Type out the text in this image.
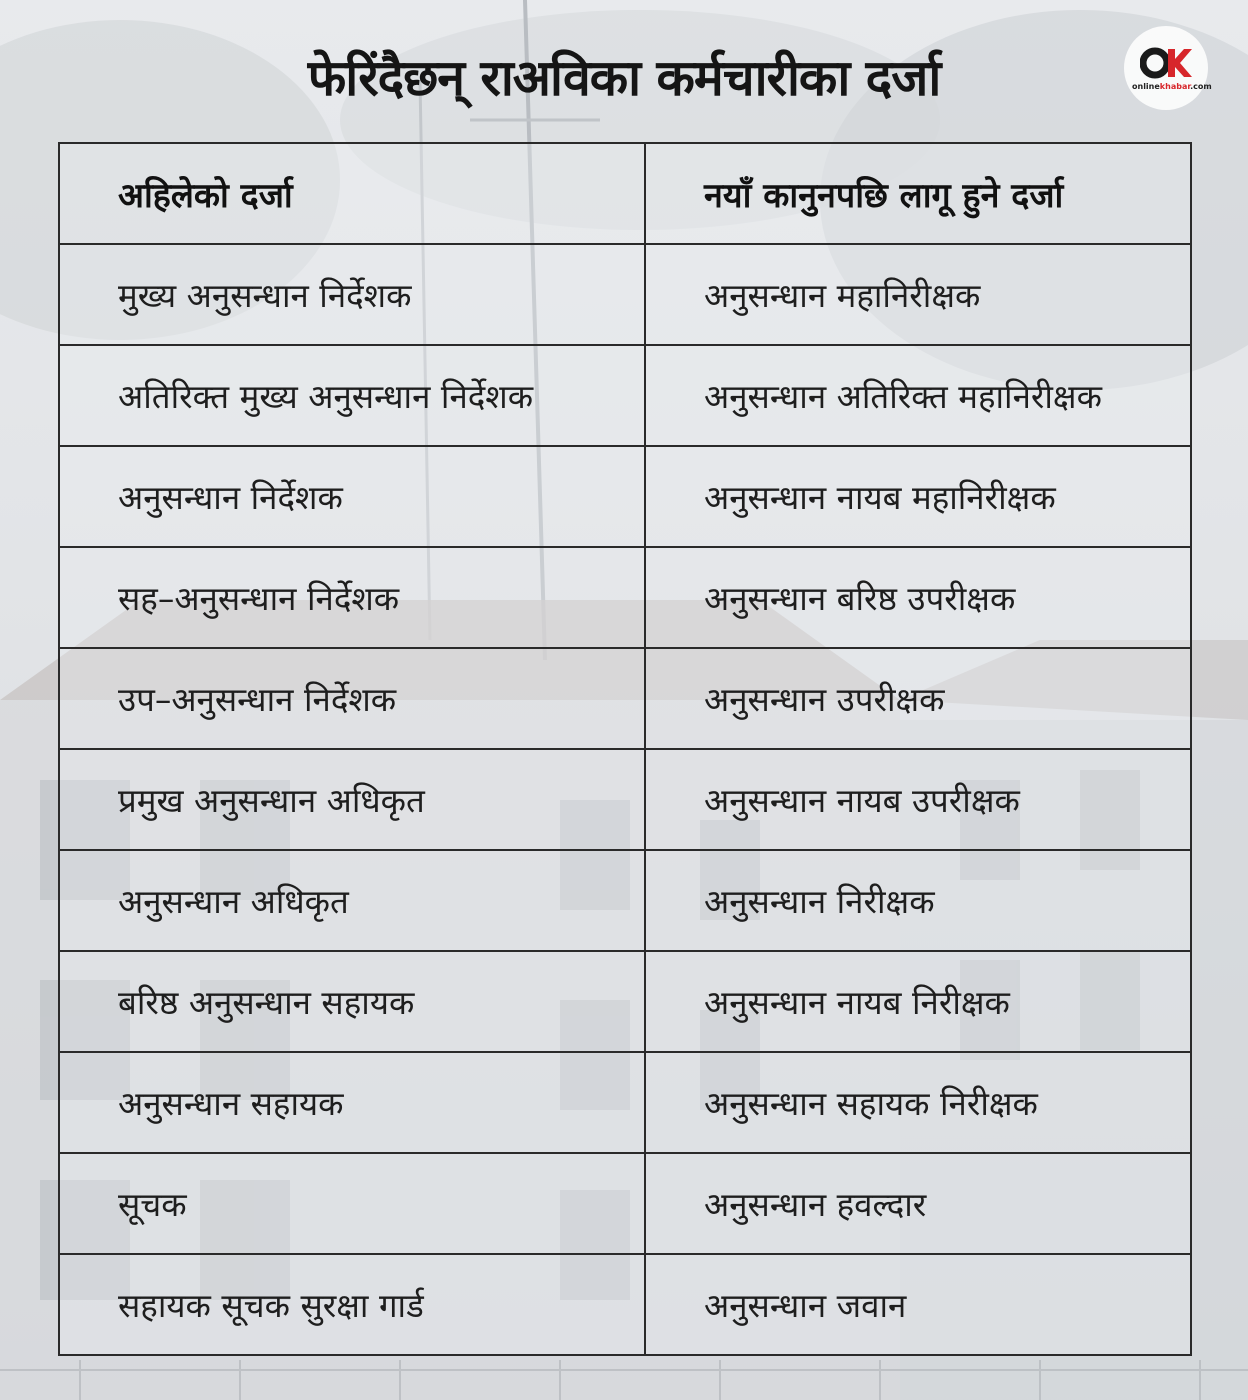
फेरिंदैछन् राअविका कर्मचारीका दर्जा	onlinekhabar.com
अहिलेको दर्जा	नयाँ कानुनपछि लागू हुने दर्जा
मुख्य अनुसन्धान निर्देशक	अनुसन्धान महानिरीक्षक
अतिरिक्त मुख्य अनुसन्धान निर्देशक	अनुसन्धान अतिरिक्त महानिरीक्षक
अनुसन्धान निर्देशक	अनुसन्धान नायब महानिरीक्षक
सह–अनुसन्धान निर्देशक	अनुसन्धान बरिष्ठ उपरीक्षक
उप–अनुसन्धान निर्देशक	अनुसन्धान उपरीक्षक
प्रमुख अनुसन्धान अधिकृत	अनुसन्धान नायब उपरीक्षक
अनुसन्धान अधिकृत	अनुसन्धान निरीक्षक
बरिष्ठ अनुसन्धान सहायक	अनुसन्धान नायब निरीक्षक
अनुसन्धान सहायक	अनुसन्धान सहायक निरीक्षक
सूचक	अनुसन्धान हवल्दार
सहायक सूचक सुरक्षा गार्ड	अनुसन्धान जवान
